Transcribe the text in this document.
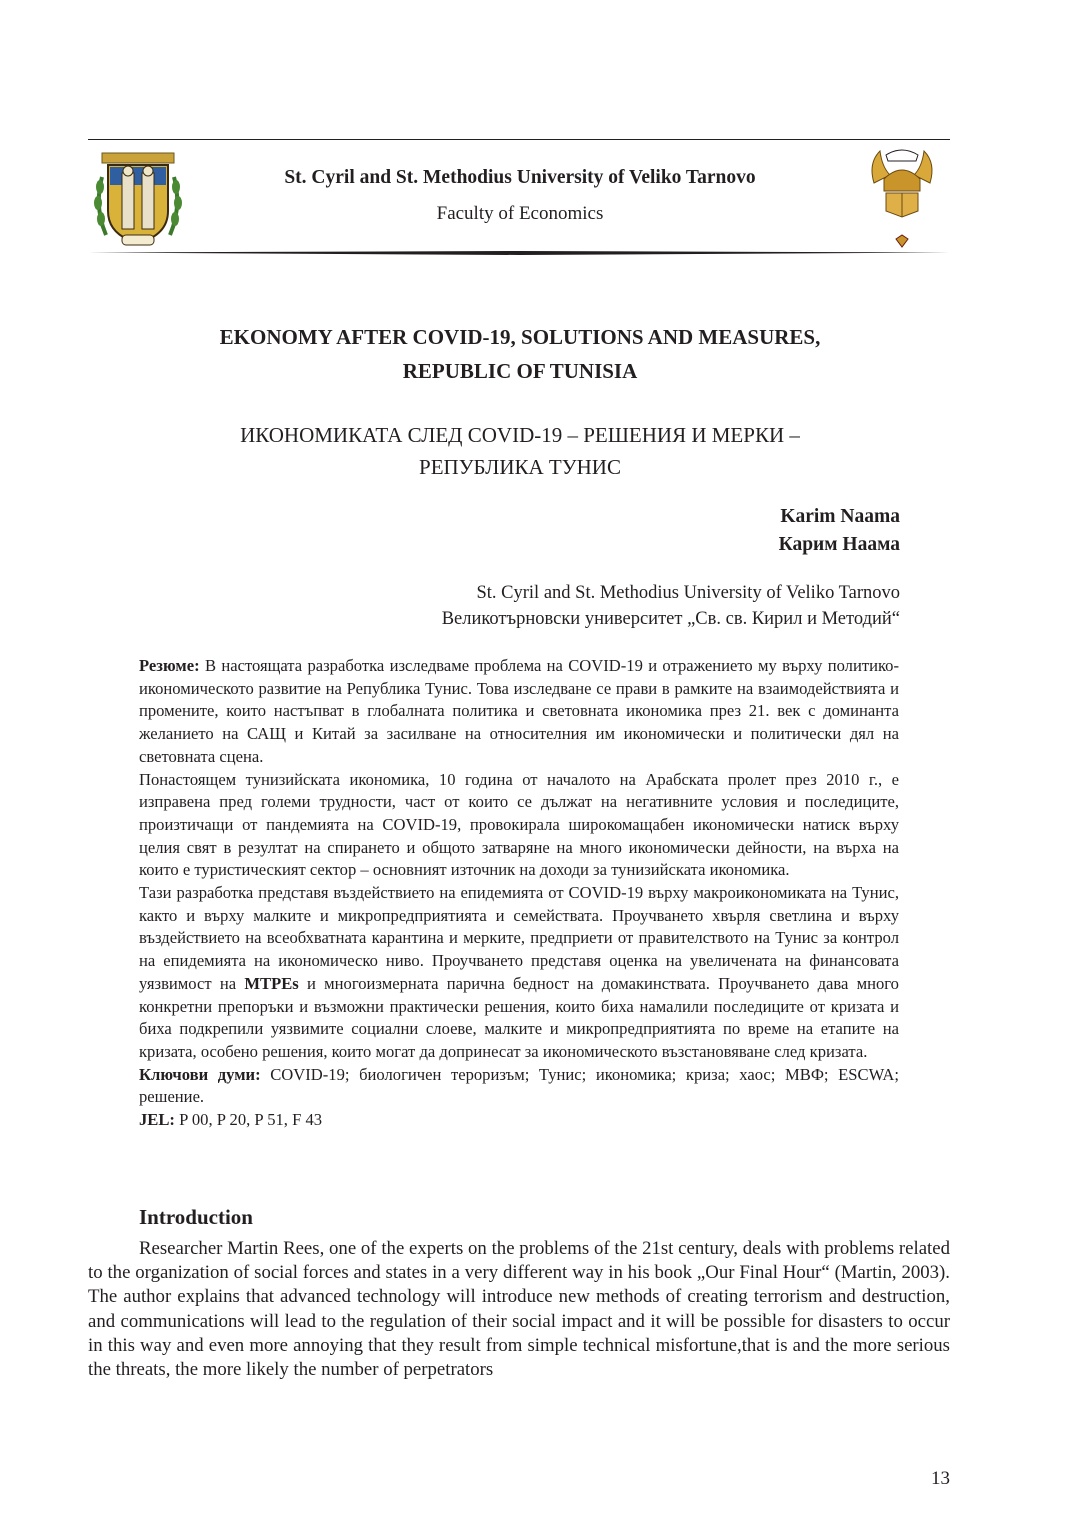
St. Cyril and St. Methodius University of Veliko Tarnovo
Faculty of Economics
EKONOMY AFTER COVID-19, SOLUTIONS AND MEASURES,
REPUBLIC OF TUNISIA
ИКОНОМИКАТА СЛЕД COVID-19 – РЕШЕНИЯ И МЕРКИ –
РЕПУБЛИКА ТУНИС
Karim Naama
Карим Наама
St. Cyril and St. Methodius University of Veliko Tarnovo
Великотърновски университет „Св. св. Кирил и Методий“

Резюме: В настоящата разработка изследваме проблема на COVID-19 и отражението му върху политико-икономическото развитие на Република Тунис. Това изследване се прави в рамките на взаимодействията и промените, които настъпват в глобалната политика и световната икономика през 21. век с доминанта желанието на САЩ и Китай за засилване на относителния им икономически и политически дял на световната сцена.

Понастоящем тунизийската икономика, 10 година от началото на Арабската пролет през 2010 г., е изправена пред големи трудности, част от които се дължат на негативните условия и последиците, произтичащи от пандемията на COVID-19, провокирала широкомащабен икономически натиск върху целия свят в резултат на спирането и общото затваряне на много икономически дейности, на върха на които е туристическият сектор – основният източник на доходи за тунизийската икономика.

Тази разработка представя въздействието на епидемията от COVID-19 върху макроикономиката на Тунис, както и върху малките и микропредприятията и семействата. Проучването хвърля светлина и върху въздействието на всеобхватната карантина и мерките, предприети от правителството на Тунис за контрол на епидемията на икономическо ниво. Проучването представя оценка на увеличената на финансовата уязвимост на MTPEs и многоизмерната парична бедност на домакинствата. Проучването дава много конкретни препоръки и възможни практически решения, които биха намалили последиците от кризата и биха подкрепили уязвимите социални слоеве, малките и микропредприятията по време на етапите на кризата, особено решения, които могат да допринесат за икономическото възстановяване след кризата.

Ключови думи: COVID-19; биологичен тероризъм; Тунис; икономика; криза; хаос; МВФ; ESCWA; решение.

JEL: P 00, P 20, P 51, F 43

Introduction

Researcher Martin Rees, one of the experts on the problems of the 21st century, deals with problems related to the organization of social forces and states in a very different way in his book „Our Final Hour“ (Martin, 2003). The author explains that advanced technology will introduce new methods of creating terrorism and destruction, and communications will lead to the regulation of their social impact and it will be possible for disasters to occur in this way and even more annoying that they result from simple technical misfortune,that is and the more serious the threats, the more likely the number of perpetrators

13
